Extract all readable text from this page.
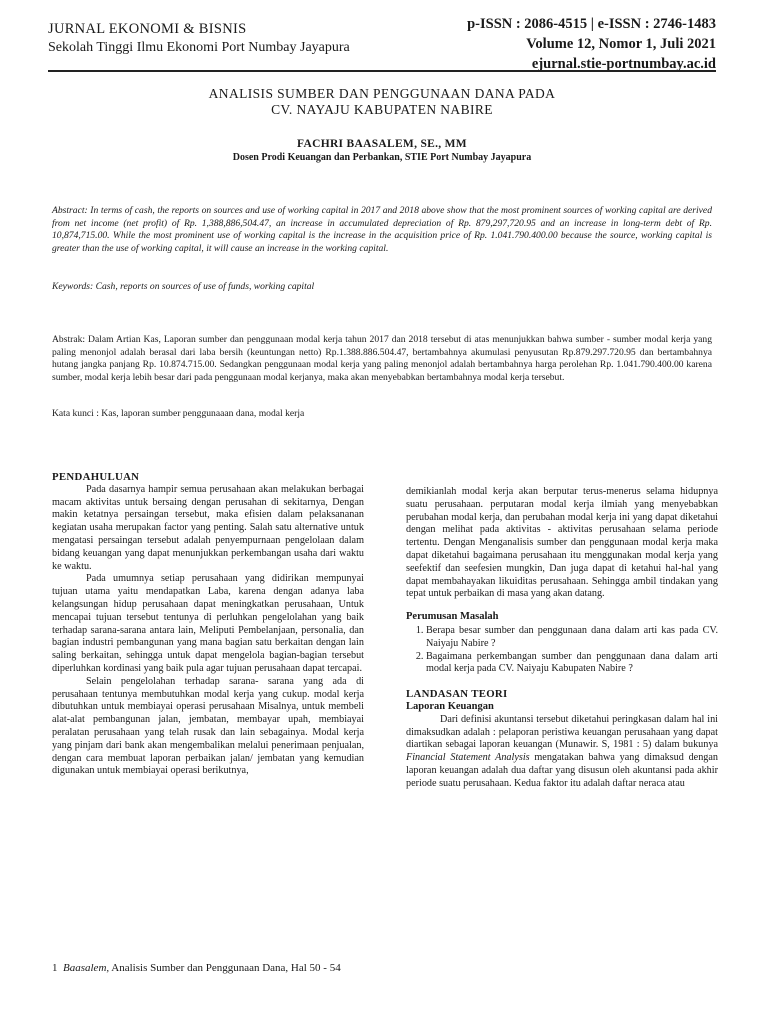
JURNAL EKONOMI & BISNIS
Sekolah Tinggi Ilmu Ekonomi Port Numbay Jayapura
p-ISSN : 2086-4515 | e-ISSN : 2746-1483
Volume 12, Nomor 1, Juli 2021
ejurnal.stie-portnumbay.ac.id
ANALISIS SUMBER DAN PENGGUNAAN DANA PADA
CV. NAYAJU KABUPATEN NABIRE
FACHRI BAASALEM, SE., MM
Dosen Prodi Keuangan dan Perbankan, STIE Port Numbay Jayapura
Abstract: In terms of cash, the reports on sources and use of working capital in 2017 and 2018 above show that the most prominent sources of working capital are derived from net income (net profit) of Rp. 1,388,886,504.47, an increase in accumulated depreciation of Rp. 879,297,720.95 and an increase in long-term debt of Rp. 10,874,715.00. While the most prominent use of working capital is the increase in the acquisition price of Rp. 1.041.790.400.00 because the source, working capital is greater than the use of working capital, it will cause an increase in the working capital.
Keywords: Cash, reports on sources of use of funds, working capital
Abstrak: Dalam Artian Kas, Laporan sumber dan penggunaan modal kerja tahun 2017 dan 2018 tersebut di atas menunjukkan bahwa sumber - sumber modal kerja yang paling menonjol adalah berasal dari laba bersih (keuntungan netto) Rp.1.388.886.504.47, bertambahnya akumulasi penyusutan Rp.879.297.720.95 dan bertambahnya hutang jangka panjang Rp. 10.874.715.00. Sedangkan penggunaan modal kerja yang paling menonjol adalah bertambahnya harga perolehan Rp. 1.041.790.400.00 karena sumber, modal kerja lebih besar dari pada penggunaan modal kerjanya, maka akan menyebabkan bertambahnya modal kerja tersebut.
Kata kunci : Kas, laporan sumber penggunaaan dana, modal kerja
PENDAHULUAN

Pada dasarnya hampir semua perusahaan akan melakukan berbagai macam aktivitas untuk bersaing dengan perusahan di sekitarnya, Dengan makin ketatnya persaingan tersebut, maka efisien dalam pelaksananan kegiatan usaha merupakan factor yang penting. Salah satu alternative untuk mengatasi persaingan tersebut adalah penyempurnaan pengelolaan dalam bidang keuangan yang dapat menunjukkan perkembangan usaha dari waktu ke waktu.

Pada umumnya setiap perusahaan yang didirikan mempunyai tujuan utama yaitu mendapatkan Laba, karena dengan adanya laba kelangsungan hidup perusahaan dapat meningkatkan perusahaan, Untuk mencapai tujuan tersebut tentunya di perluhkan pengelolahan yang baik terhadap sarana-sarana antara lain, Meliputi Pembelanjaan, personalia, dan bagian industri pembangunan yang mana bagian satu berkaitan dengan lain saling berkaitan, sehingga untuk dapat mengelola bagian-bagian tersebut diperluhkan kordinasi yang baik pula agar tujuan perusahaan dapat tercapai.

Selain pengelolahan terhadap sarana- sarana yang ada di perusahaan tentunya membutuhkan modal kerja yang cukup. modal kerja dibutuhkan untuk membiayai operasi perusahaan Misalnya, untuk membeli alat-alat pembangunan jalan, jembatan, membayar upah, membiayai peralatan perusahaan yang telah rusak dan lain sebagainya. Modal kerja yang pinjam dari bank akan mengembalikan melalui penerimaan penjualan, dengan cara membuat laporan perbaikan jalan/ jembatan yang kemudian digunakan untuk membiayai operasi berikutnya,

demikianlah modal kerja akan berputar terus-menerus selama hidupnya suatu perusahaan. perputaran modal kerja ilmiah yang menyebabkan perubahan modal kerja, dan perubahan modal kerja ini yang dapat diketahui dengan melihat pada aktivitas - aktivitas perusahaan selama periode tertentu. Dengan Menganalisis sumber dan penggunaan modal kerja maka dapat diketahui bagaimana perusahaan itu menggunakan modal kerja yang seefektif dan seefesien mungkin, Dan juga dapat di ketahui hal-hal yang dapat membahayakan likuiditas perusahaan. Sehingga ambil tindakan yang tepat untuk perbaikan di masa yang akan datang.

Perumusan Masalah
1. Berapa besar sumber dan penggunaan dana dalam arti kas pada CV. Naiyaju Nabire ?
2. Bagaimana perkembangan sumber dan penggunaan dana dalam arti modal kerja pada CV. Naiyaju Kabupaten Nabire ?
LANDASAN TEORI
Laporan Keuangan

Dari definisi akuntansi tersebut diketahui peringkasan dalam hal ini dimaksudkan adalah : pelaporan peristiwa keuangan perusahaan yang dapat diartikan sebagai laporan keuangan (Munawir. S, 1981 : 5) dalam bukunya Financial Statement Analysis mengatakan bahwa yang dimaksud dengan laporan keuangan adalah dua daftar yang disusun oleh akuntansi pada akhir periode suatu perusahaan. Kedua faktor itu adalah daftar neraca atau

1 Baasalem, Analisis Sumber dan Penggunaan Dana, Hal 50 - 54
